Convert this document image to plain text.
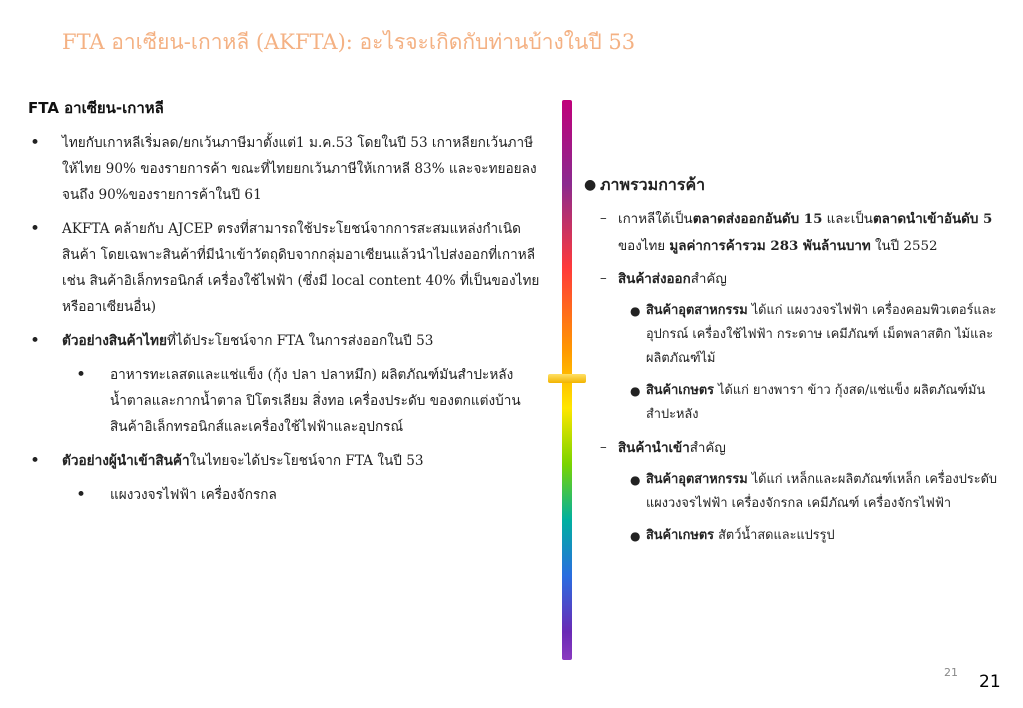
FTA อาเซียน-เกาหลี (AKFTA): อะไรจะเกิดกับท่านบ้างในปี 53
FTA อาเซียน-เกาหลี
• ไทยกับเกาหลีเริ่มลด/ยกเว้นภาษีมาตั้งแต่1 ม.ค.53 โดยในปี 53 เกาหลียกเว้นภาษีให้ไทย 90% ของรายการค้า ขณะที่ไทยยกเว้นภาษีให้เกาหลี 83% และจะทยอยลงจนถึง 90%ของรายการค้าในปี 61
• AKFTA คล้ายกับ AJCEP ตรงที่สามารถใช้ประโยชน์จากการสะสมแหล่งกำเนิดสินค้า โดยเฉพาะสินค้าที่มีนำเข้าวัตถุดิบจากกลุ่มอาเซียนแล้วนำไปส่งออกที่เกาหลี เช่น สินค้าอิเล็กทรอนิกส์ เครื่องใช้ไฟฟ้า (ซึ่งมี local content 40% ที่เป็นของไทยหรืออาเซียนอื่น)
• ตัวอย่างสินค้าไทยที่ได้ประโยชน์จาก FTA ในการส่งออกในปี 53
• อาหารทะเลสดและแช่แข็ง (กุ้ง ปลา ปลาหมึก) ผลิตภัณฑ์มันสำปะหลัง น้ำตาลและกากน้ำตาล ปิโตรเลียม สิ่งทอ เครื่องประดับ ของตกแต่งบ้าน สินค้าอิเล็กทรอนิกส์และเครื่องใช้ไฟฟ้าและอุปกรณ์
• ตัวอย่างผู้นำเข้าสินค้าในไทยจะได้ประโยชน์จาก FTA ในปี 53
• แผงวงจรไฟฟ้า เครื่องจักรกล
● ภาพรวมการค้า
– เกาหลีใต้เป็นตลาดส่งออกอันดับ 15 และเป็นตลาดนำเข้าอันดับ 5 ของไทย มูลค่าการค้ารวม 283 พันล้านบาท ในปี 2552
– สินค้าส่งออกสำคัญ
● สินค้าอุตสาหกรรม ได้แก่ แผงวงจรไฟฟ้า เครื่องคอมพิวเตอร์และอุปกรณ์ เครื่องใช้ไฟฟ้า กระดาษ เคมีภัณฑ์ เม็ดพลาสติก ไม้และผลิตภัณฑ์ไม้
● สินค้าเกษตร ได้แก่ ยางพารา ข้าว กุ้งสด/แช่แข็ง ผลิตภัณฑ์มันสำปะหลัง
– สินค้านำเข้าสำคัญ
● สินค้าอุตสาหกรรม ได้แก่ เหล็กและผลิตภัณฑ์เหล็ก เครื่องประดับ แผงวงจรไฟฟ้า เครื่องจักรกล เคมีภัณฑ์ เครื่องจักรไฟฟ้า
● สินค้าเกษตร สัตว์น้ำสดและแปรรูป
21 21
